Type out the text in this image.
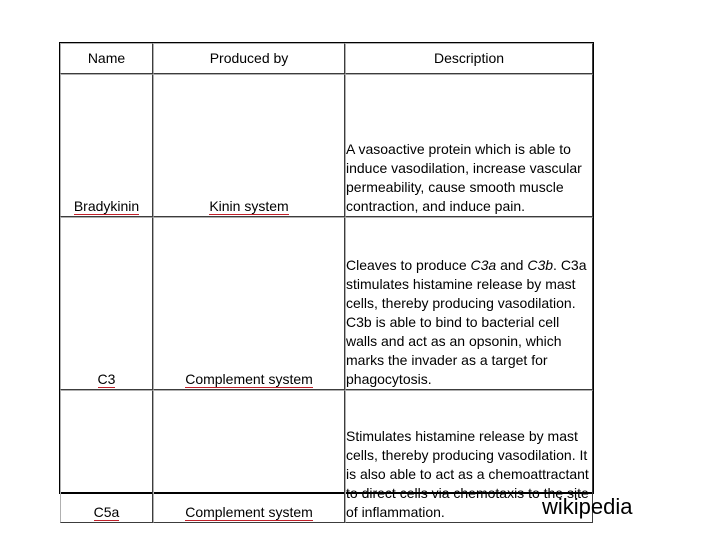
Name	Produced by	Description
Bradykinin	Kinin system	A vasoactive protein which is able to induce vasodilation, increase vascular permeability, cause smooth muscle contraction, and induce pain.
C3	Complement system	Cleaves to produce C3a and C3b. C3a stimulates histamine release by mast cells, thereby producing vasodilation. C3b is able to bind to bacterial cell walls and act as an opsonin, which marks the invader as a target for phagocytosis.
C5a	Complement system	Stimulates histamine release by mast cells, thereby producing vasodilation. It is also able to act as a chemoattractant to direct cells via chemotaxis to the site of inflammation.	wikipedia
